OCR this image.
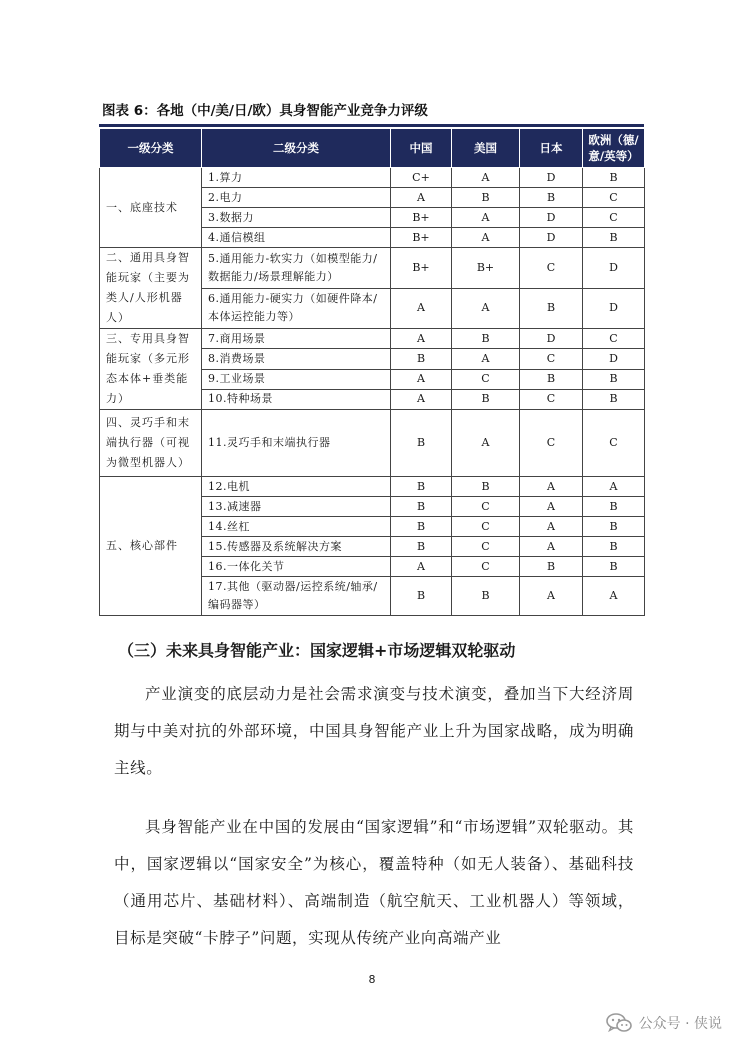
图表 6：各地（中/美/日/欧）具身智能产业竞争力评级
一级分类	二级分类	中国	美国	日本	欧洲（德/意/英等）
一、底座技术	1.算力	C+	A	D	B
	2.电力	A	B	B	C
	3.数据力	B+	A	D	C
	4.通信模组	B+	A	D	B
二、通用具身智能玩家（主要为类人/人形机器人）	5.通用能力-软实力（如模型能力/数据能力/场景理解能力）	B+	B+	C	D
	6.通用能力-硬实力（如硬件降本/本体运控能力等）	A	A	B	D
三、专用具身智能玩家（多元形态本体+垂类能力）	7.商用场景	A	B	D	C
	8.消费场景	B	A	C	D
	9.工业场景	A	C	B	B
	10.特种场景	A	B	C	B
四、灵巧手和末端执行器（可视为微型机器人）	11.灵巧手和末端执行器	B	A	C	C
五、核心部件	12.电机	B	B	A	A
	13.减速器	B	C	A	B
	14.丝杠	B	C	A	B
	15.传感器及系统解决方案	B	C	A	B
	16.一体化关节	A	C	B	B
	17.其他（驱动器/运控系统/轴承/编码器等）	B	B	A	A
（三）未来具身智能产业：国家逻辑+市场逻辑双轮驱动

产业演变的底层动力是社会需求演变与技术演变，叠加当下大经济周期与中美对抗的外部环境，中国具身智能产业上升为国家战略，成为明确主线。

具身智能产业在中国的发展由“国家逻辑”和“市场逻辑”双轮驱动。其中，国家逻辑以“国家安全”为核心，覆盖特种（如无人装备）、基础科技（通用芯片、基础材料）、高端制造（航空航天、工业机器人）等领域，目标是突破“卡脖子”问题，实现从传统产业向高端产业

8
公众号 · 侠说
